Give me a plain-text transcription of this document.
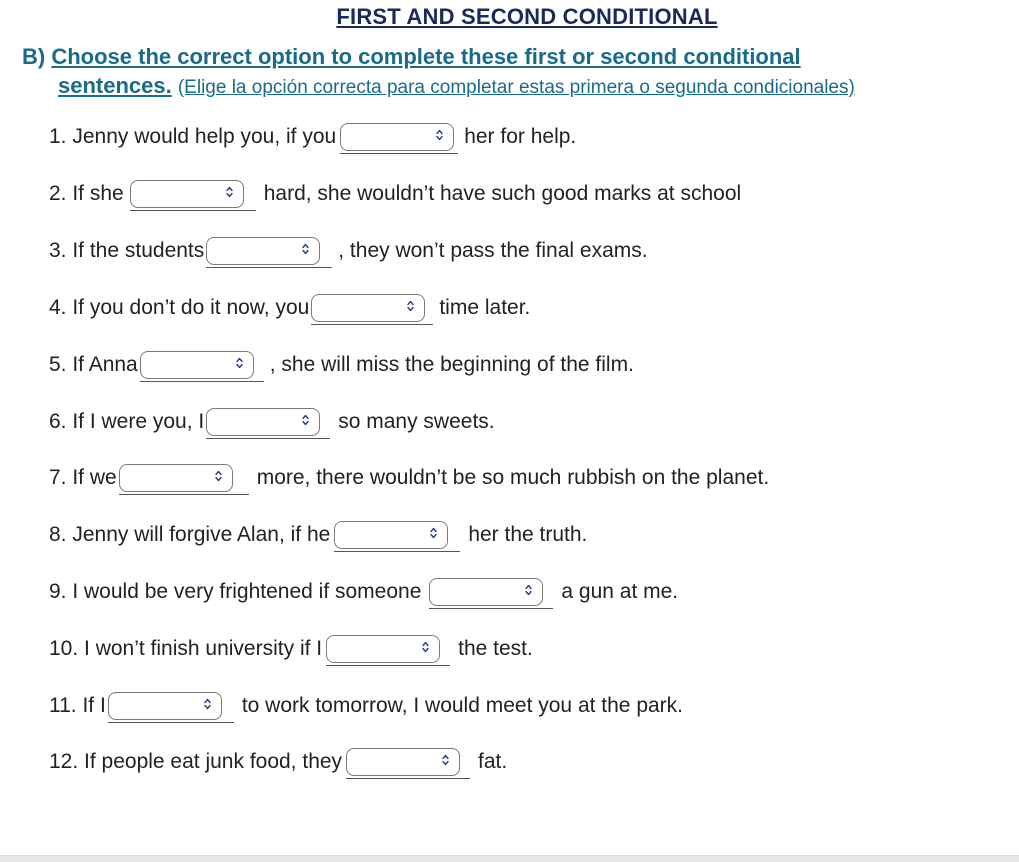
FIRST AND SECOND CONDITIONAL
B) Choose the correct option to complete these first or second conditional
sentences. (Elige la opción correcta para completar estas primera o segunda condicionales)
1. Jenny would help you, if you	her for help.
2. If she	hard, she wouldn’t have such good marks at school
3. If the students	, they won’t pass the final exams.
4. If you don’t do it now, you	time later.
5. If Anna	, she will miss the beginning of the film.
6. If I were you, I	so many sweets.
7. If we	more, there wouldn’t be so much rubbish on the planet.
8. Jenny will forgive Alan, if he	her the truth.
9. I would be very frightened if someone	a gun at me.
10. I won’t finish university if I	the test.
11. If I	to work tomorrow, I would meet you at the park.
12. If people eat junk food, they	fat.
